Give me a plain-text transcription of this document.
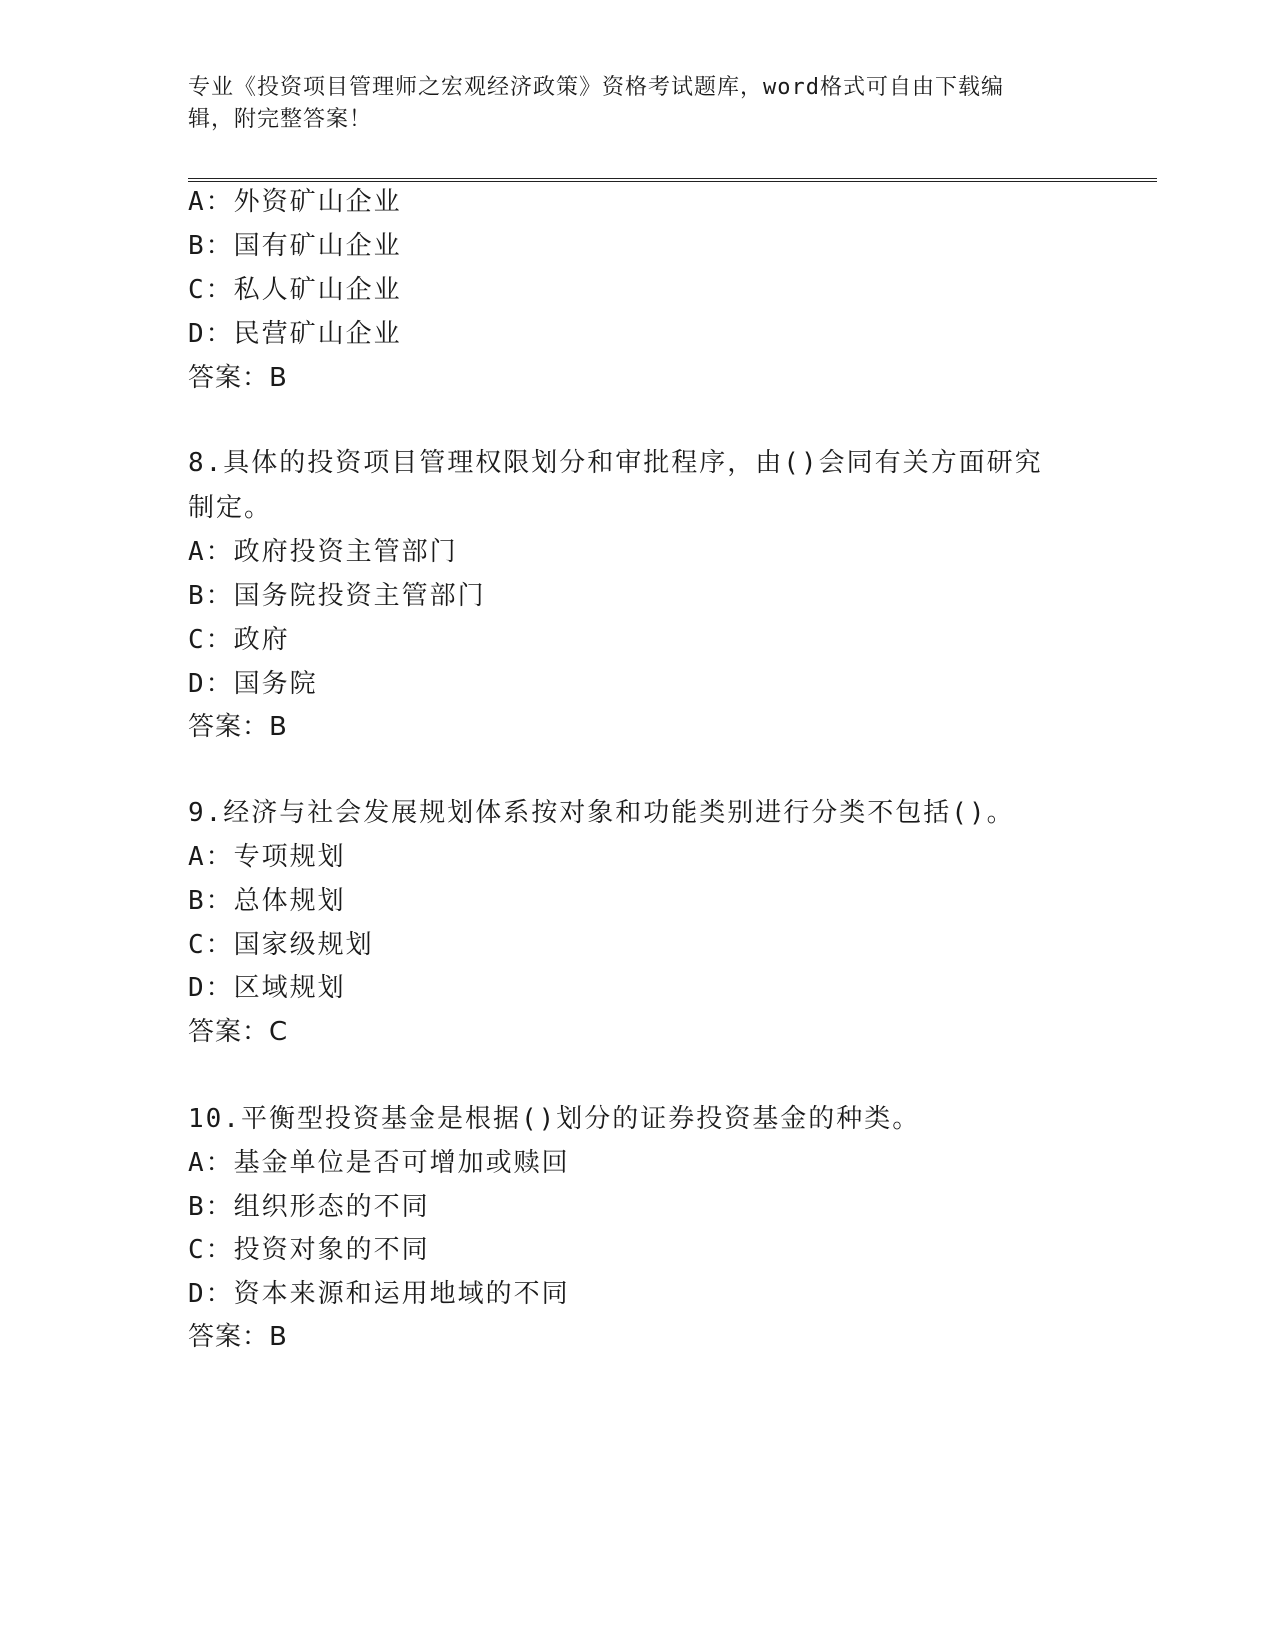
专业《投资项目管理师之宏观经济政策》资格考试题库，word格式可自由下载编
辑，附完整答案！
A：外资矿山企业
B：国有矿山企业
C：私人矿山企业
D：民营矿山企业
答案：B
8.具体的投资项目管理权限划分和审批程序，由()会同有关方面研究
制定。
A：政府投资主管部门
B：国务院投资主管部门
C：政府
D：国务院
答案：B
9.经济与社会发展规划体系按对象和功能类别进行分类不包括()。
A：专项规划
B：总体规划
C：国家级规划
D：区域规划
答案：C
10.平衡型投资基金是根据()划分的证券投资基金的种类。
A：基金单位是否可增加或赎回
B：组织形态的不同
C：投资对象的不同
D：资本来源和运用地域的不同
答案：B
